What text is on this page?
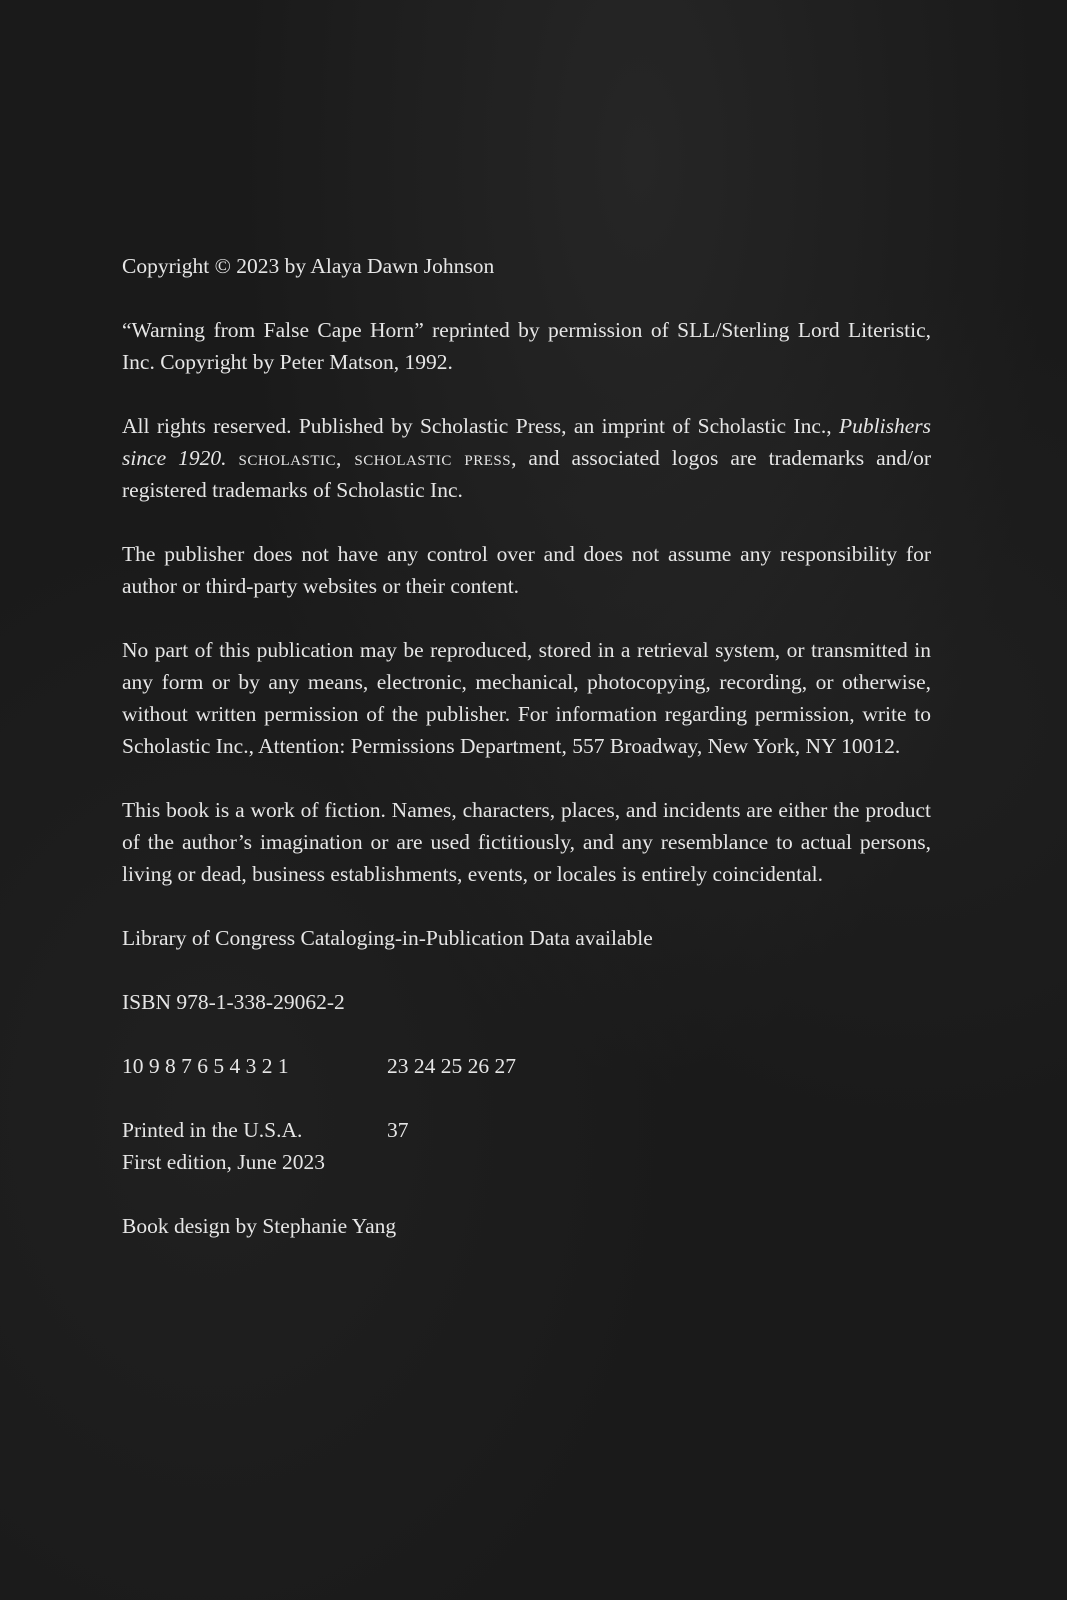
Copyright © 2023 by Alaya Dawn Johnson

“Warning from False Cape Horn” reprinted by permission of SLL/Sterling Lord Literistic, Inc. Copyright by Peter Matson, 1992.

All rights reserved. Published by Scholastic Press, an imprint of Scholastic Inc., Publishers since 1920. scholastic, scholastic press, and associated logos are trademarks and/or registered trademarks of Scholastic Inc.

The publisher does not have any control over and does not assume any responsibility for author or third-party websites or their content.

No part of this publication may be reproduced, stored in a retrieval system, or transmitted in any form or by any means, electronic, mechanical, photocopying, recording, or otherwise, without written permission of the publisher. For information regarding permission, write to Scholastic Inc., Attention: Permissions Department, 557 Broadway, New York, NY 10012.

This book is a work of fiction. Names, characters, places, and incidents are either the product of the author’s imagination or are used fictitiously, and any resemblance to actual persons, living or dead, business establishments, events, or locales is entirely coincidental.

Library of Congress Cataloging-in-Publication Data available

ISBN 978-1-338-29062-2

10 9 8 7 6 5 4 3 2 1	23 24 25 26 27
Printed in the U.S.A.	37

First edition, June 2023

Book design by Stephanie Yang
